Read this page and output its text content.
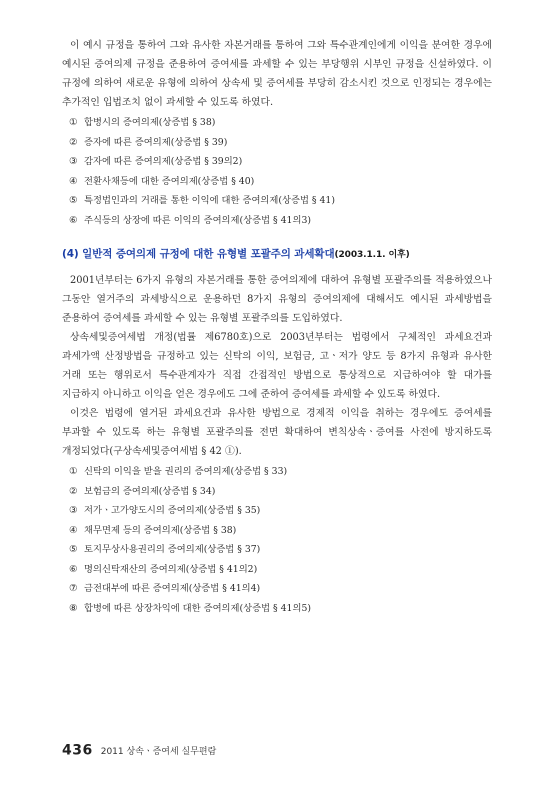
이 예시 규정을 통하여 그와 유사한 자본거래를 통하여 그와 특수관계인에게 이익을 분여한 경우에 예시된 증여의제 규정을 준용하여 증여세를 과세할 수 있는 부당행위 시부인 규정을 신설하였다. 이 규정에 의하여 새로운 유형에 의하여 상속세 및 증여세를 부당히 감소시킨 것으로 인정되는 경우에는 추가적인 입법조치 없이 과세할 수 있도록 하였다.

① 합병시의 증여의제(상증법 § 38)
② 증자에 따른 증여의제(상증법 § 39)
③ 감자에 따른 증여의제(상증법 § 39의2)
④ 전환사채등에 대한 증여의제(상증법 § 40)
⑤ 특정법인과의 거래를 통한 이익에 대한 증여의제(상증법 § 41)
⑥ 주식등의 상장에 따른 이익의 증여의제(상증법 § 41의3)
(4) 일반적 증여의제 규정에 대한 유형별 포괄주의 과세확대(2003.1.1. 이후)

2001년부터는 6가지 유형의 자본거래를 통한 증여의제에 대하여 유형별 포괄주의를 적용하였으나 그동안 열거주의 과세방식으로 운용하던 8가지 유형의 증여의제에 대해서도 예시된 과세방법을 준용하여 증여세를 과세할 수 있는 유형별 포괄주의를 도입하였다.

상속세및증여세법 개정(법률 제6780호)으로 2003년부터는 법령에서 구체적인 과세요건과 과세가액 산정방법을 규정하고 있는 신탁의 이익, 보험금, 고ㆍ저가 양도 등 8가지 유형과 유사한 거래 또는 행위로서 특수관계자가 직접 간접적인 방법으로 통상적으로 지급하여야 할 대가를 지급하지 아니하고 이익을 얻은 경우에도 그에 준하여 증여세를 과세할 수 있도록 하였다.

이것은 법령에 열거된 과세요건과 유사한 방법으로 경제적 이익을 취하는 경우에도 증여세를 부과할 수 있도록 하는 유형별 포괄주의를 전면 확대하여 변칙상속ㆍ증여를 사전에 방지하도록 개정되었다(구상속세및증여세법 § 42 ①).

① 신탁의 이익을 받을 권리의 증여의제(상증법 § 33)
② 보험금의 증여의제(상증법 § 34)
③ 저가ㆍ고가양도시의 증여의제(상증법 § 35)
④ 채무면제 등의 증여의제(상증법 § 38)
⑤ 토지무상사용권리의 증여의제(상증법 § 37)
⑥ 명의신탁재산의 증여의제(상증법 § 41의2)
⑦ 금전대부에 따른 증여의제(상증법 § 41의4)
⑧ 합병에 따른 상장차익에 대한 증여의제(상증법 § 41의5)
436 2011 상속ㆍ증여세 실무편람
